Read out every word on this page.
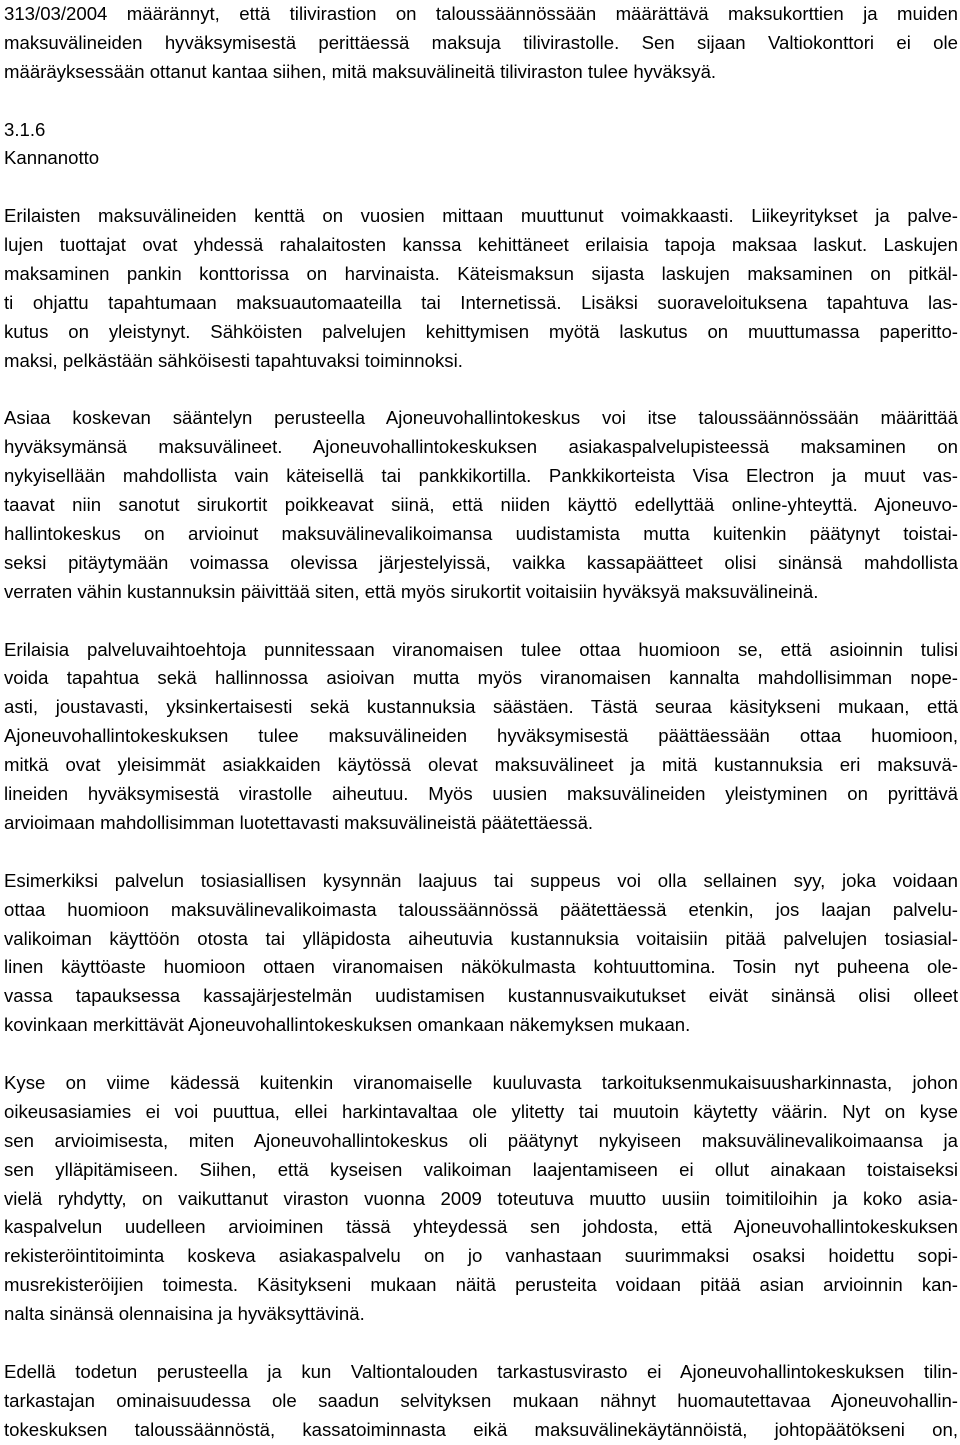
313/03/2004 määrännyt, että tilivirastion on taloussäännössään määrättävä maksukorttien ja muiden
maksuvälineiden hyväksymisestä perittäessä maksuja tilivirastolle. Sen sijaan Valtiokonttori ei ole
määräyksessään ottanut kantaa siihen, mitä maksuvälineitä tiliviraston tulee hyväksyä.
3.1.6
Kannanotto
Erilaisten maksuvälineiden kenttä on vuosien mittaan muuttunut voimakkaasti. Liikeyritykset ja palve-
lujen tuottajat ovat yhdessä rahalaitosten kanssa kehittäneet erilaisia tapoja maksaa laskut. Laskujen
maksaminen pankin konttorissa on harvinaista. Käteismaksun sijasta laskujen maksaminen on pitkäl-
ti ohjattu tapahtumaan maksuautomaateilla tai Internetissä. Lisäksi suoraveloituksena tapahtuva las-
kutus on yleistynyt. Sähköisten palvelujen kehittymisen myötä laskutus on muuttumassa paperitto-
maksi, pelkästään sähköisesti tapahtuvaksi toiminnoksi.
Asiaa koskevan sääntelyn perusteella Ajoneuvohallintokeskus voi itse taloussäännössään määrittää
hyväksymänsä maksuvälineet. Ajoneuvohallintokeskuksen asiakaspalvelupisteessä maksaminen on
nykyisellään mahdollista vain käteisellä tai pankkikortilla. Pankkikorteista Visa Electron ja muut vas-
taavat niin sanotut sirukortit poikkeavat siinä, että niiden käyttö edellyttää online-yhteyttä. Ajoneuvo-
hallintokeskus on arvioinut maksuvälinevalikoimansa uudistamista mutta kuitenkin päätynyt toistai-
seksi pitäytymään voimassa olevissa järjestelyissä, vaikka kassapäätteet olisi sinänsä mahdollista
verraten vähin kustannuksin päivittää siten, että myös sirukortit voitaisiin hyväksyä maksuvälineinä.
Erilaisia palveluvaihtoehtoja punnitessaan viranomaisen tulee ottaa huomioon se, että asioinnin tulisi
voida tapahtua sekä hallinnossa asioivan mutta myös viranomaisen kannalta mahdollisimman nope-
asti, joustavasti, yksinkertaisesti sekä kustannuksia säästäen. Tästä seuraa käsitykseni mukaan, että
Ajoneuvohallintokeskuksen tulee maksuvälineiden hyväksymisestä päättäessään ottaa huomioon,
mitkä ovat yleisimmät asiakkaiden käytössä olevat maksuvälineet ja mitä kustannuksia eri maksuvä-
lineiden hyväksymisestä virastolle aiheutuu. Myös uusien maksuvälineiden yleistyminen on pyrittävä
arvioimaan mahdollisimman luotettavasti maksuvälineistä päätettäessä.
Esimerkiksi palvelun tosiasiallisen kysynnän laajuus tai suppeus voi olla sellainen syy, joka voidaan
ottaa huomioon maksuvälinevalikoimasta taloussäännössä päätettäessä etenkin, jos laajan palvelu-
valikoiman käyttöön otosta tai ylläpidosta aiheutuvia kustannuksia voitaisiin pitää palvelujen tosiasial-
linen käyttöaste huomioon ottaen viranomaisen näkökulmasta kohtuuttomina. Tosin nyt puheena ole-
vassa tapauksessa kassajärjestelmän uudistamisen kustannusvaikutukset eivät sinänsä olisi olleet
kovinkaan merkittävät Ajoneuvohallintokeskuksen omankaan näkemyksen mukaan.
Kyse on viime kädessä kuitenkin viranomaiselle kuuluvasta tarkoituksenmukaisuusharkinnasta, johon
oikeusasiamies ei voi puuttua, ellei harkintavaltaa ole ylitetty tai muutoin käytetty väärin. Nyt on kyse
sen arvioimisesta, miten Ajoneuvohallintokeskus oli päätynyt nykyiseen maksuvälinevalikoimaansa ja
sen ylläpitämiseen. Siihen, että kyseisen valikoiman laajentamiseen ei ollut ainakaan toistaiseksi
vielä ryhdytty, on vaikuttanut viraston vuonna 2009 toteutuva muutto uusiin toimitiloihin ja koko asia-
kaspalvelun uudelleen arvioiminen tässä yhteydessä sen johdosta, että Ajoneuvohallintokeskuksen
rekisteröintitoiminta koskeva asiakaspalvelu on jo vanhastaan suurimmaksi osaksi hoidettu sopi-
musrekisteröijien toimesta. Käsitykseni mukaan näitä perusteita voidaan pitää asian arvioinnin kan-
nalta sinänsä olennaisina ja hyväksyttävinä.
Edellä todetun perusteella ja kun Valtiontalouden tarkastusvirasto ei Ajoneuvohallintokeskuksen tilin-
tarkastajan ominaisuudessa ole saadun selvityksen mukaan nähnyt huomautettavaa Ajoneuvohallin-
tokeskuksen taloussäännöstä, kassatoiminnasta eikä maksuvälinekäytännöistä, johtopäätökseni on,
